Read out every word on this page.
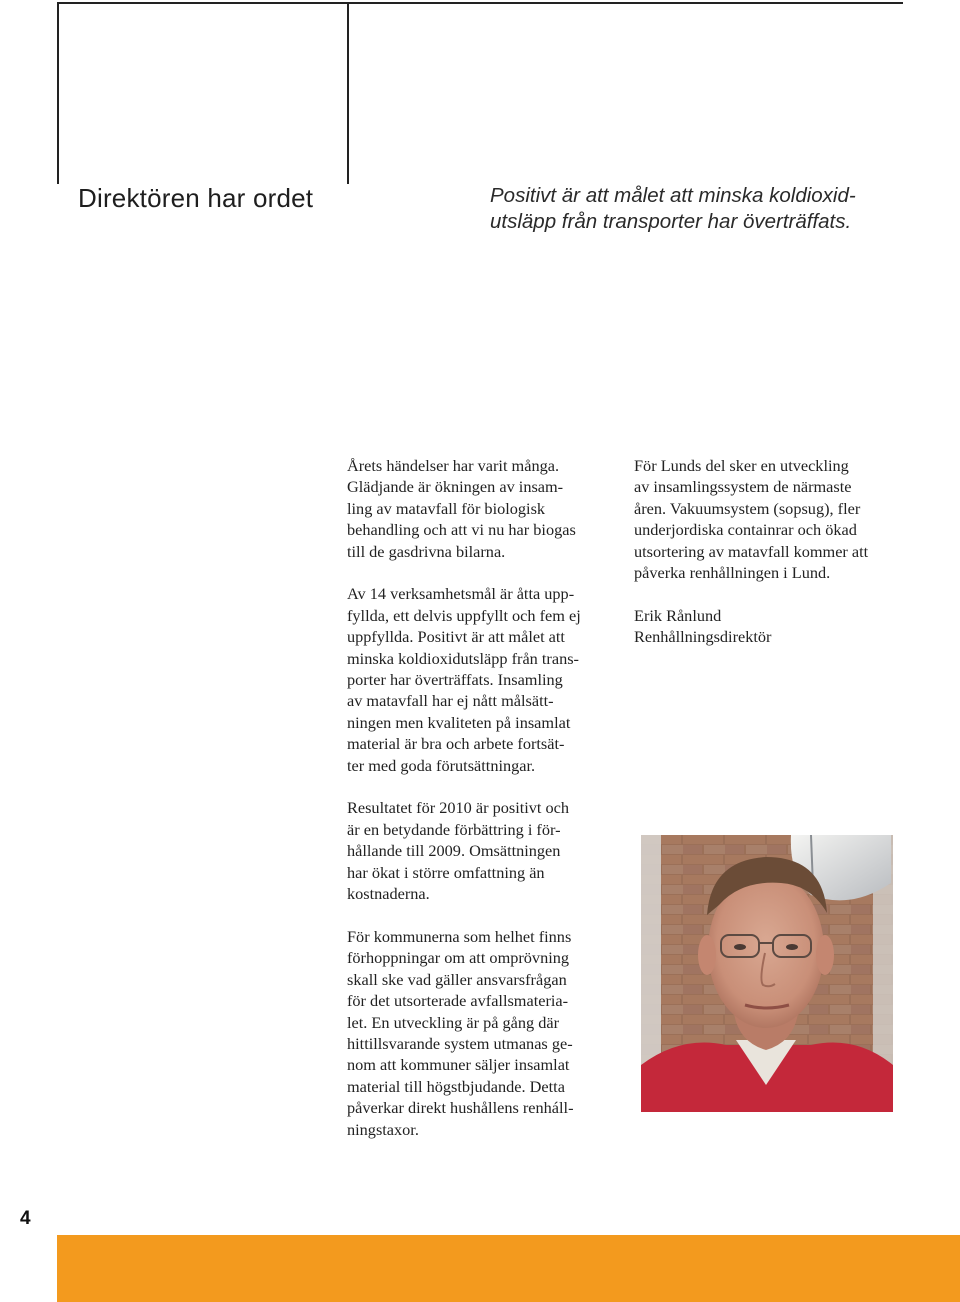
Direktören har ordet	Positivt är att målet att minska koldioxid-
utsläpp från transporter har överträffats.

Årets händelser har varit många.
Glädjande är ökningen av insam-
ling av matavfall för biologisk
behandling och att vi nu har biogas
till de gasdrivna bilarna.

Av 14 verksamhetsmål är åtta upp-
fyllda, ett delvis uppfyllt och fem ej
uppfyllda. Positivt är att målet att
minska koldioxidutsläpp från trans-
porter har överträffats. Insamling
av matavfall har ej nått målsätt-
ningen men kvaliteten på insamlat
material är bra och arbete fortsät-
ter med goda förutsättningar.

Resultatet för 2010 är positivt och
är en betydande förbättring i för-
hållande till 2009. Omsättningen
har ökat i större omfattning än
kostnaderna.

För kommunerna som helhet finns
förhoppningar om att omprövning
skall ske vad gäller ansvarsfrågan
för det utsorterade avfallsmateria-
let. En utveckling är på gång där
hittillsvarande system utmanas ge-
nom att kommuner säljer insamlat
material till högstbjudande. Detta
påverkar direkt hushållens renháll-
ningstaxor.

För Lunds del sker en utveckling
av insamlingssystem de närmaste
åren. Vakuumsystem (sopsug), fler
underjordiska containrar och ökad
utsortering av matavfall kommer att
påverka renhållningen i Lund.

Erik Rånlund
Renhållningsdirektör

4
